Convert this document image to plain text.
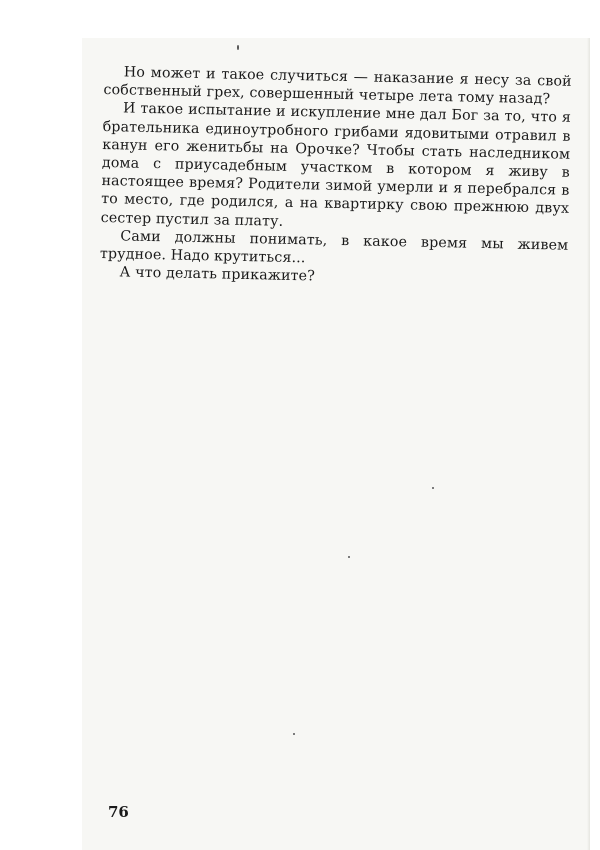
Но может и такое случиться — наказание я несу за свой собственный грех, совершенный четыре лета тому назад?

И такое испытание и искупление мне дал Бог за то, что я брательника единоутробного грибами ядовитыми отравил в канун его женитьбы на Орочке? Чтобы стать наследником дома с приусадебным участком в котором я живу в настоящее время? Родители зимой умерли и я перебрался в то место, где родился, а на квартирку свою прежнюю двух сестер пустил за плату.

Сами должны понимать, в какое время мы живем трудное. Надо крутиться...

А что делать прикажите?

76
